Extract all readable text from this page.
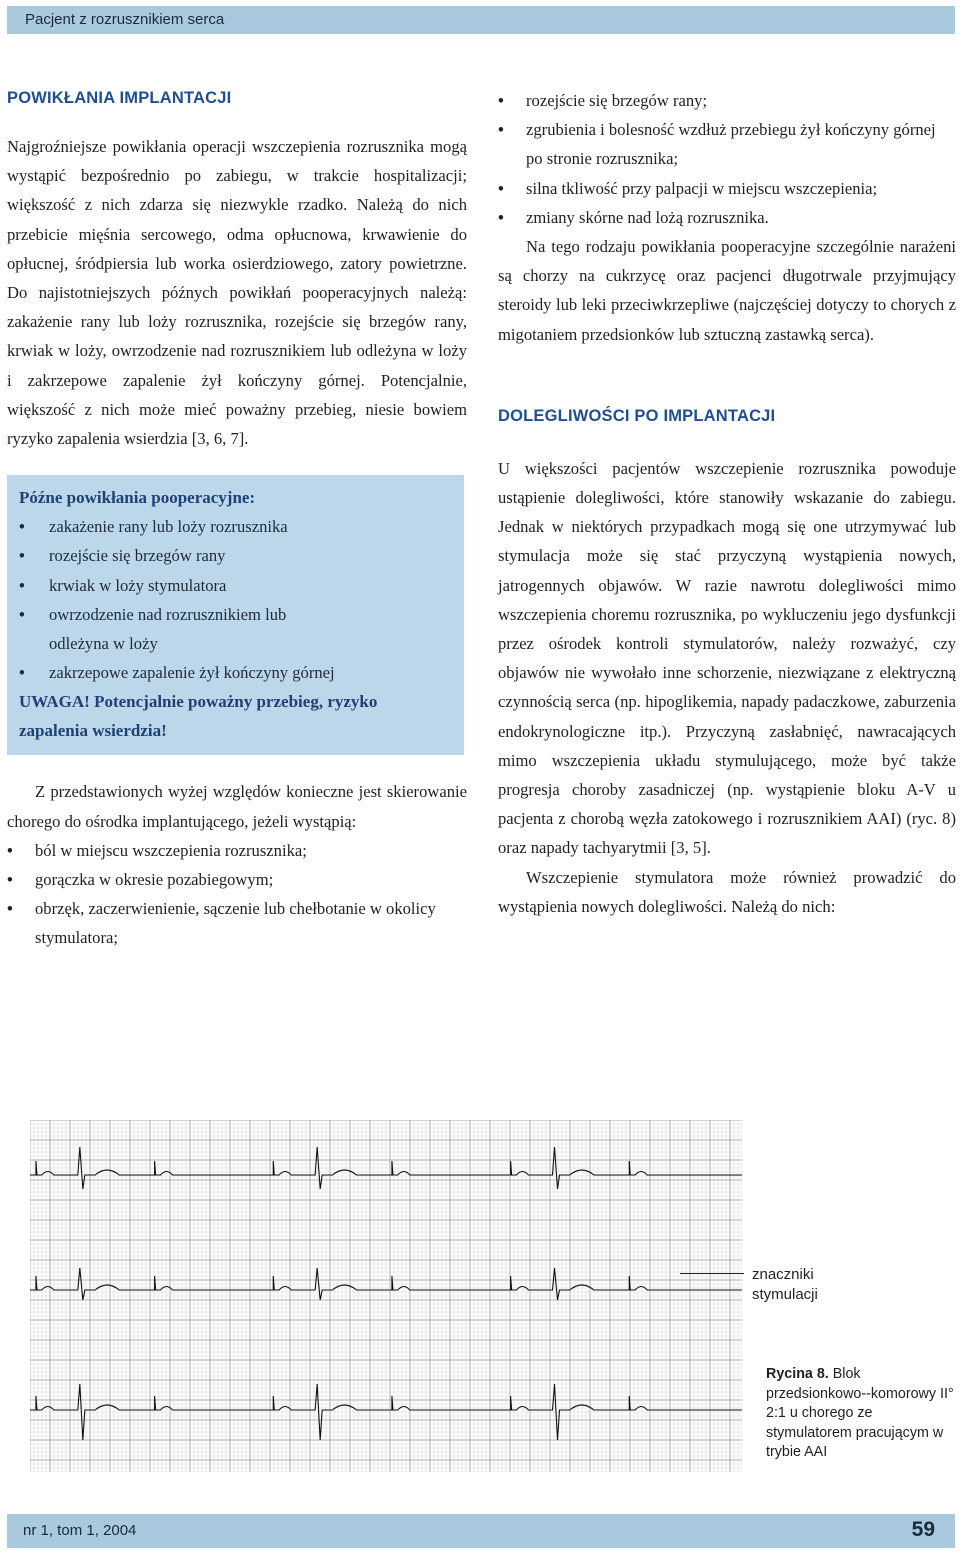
Pacjent z rozrusznikiem serca
POWIKŁANIA IMPLANTACJI

Najgroźniejsze powikłania operacji wszczepienia rozrusznika mogą wystąpić bezpośrednio po zabiegu, w trakcie hospitalizacji; większość z nich zdarza się niezwykle rzadko. Należą do nich przebicie mięśnia sercowego, odma opłucnowa, krwawienie do opłucnej, śródpiersia lub worka osierdziowego, zatory powietrzne. Do najistotniejszych późnych powikłań pooperacyjnych należą: zakażenie rany lub loży rozrusznika, rozejście się brzegów rany, krwiak w loży, owrzodzenie nad rozrusznikiem lub odleżyna w loży i zakrzepowe zapalenie żył kończyny górnej. Potencjalnie, większość z nich może mieć poważny przebieg, niesie bowiem ryzyko zapalenia wsierdzia [3, 6, 7].

Późne powikłania pooperacyjne:
•	zakażenie rany lub loży rozrusznika
•	rozejście się brzegów rany
•	krwiak w loży stymulatora
•	owrzodzenie nad rozrusznikiem lub odleżyna w loży
•	zakrzepowe zapalenie żył kończyny górnej
UWAGA! Potencjalnie poważny przebieg, ryzyko zapalenia wsierdzia!

Z przedstawionych wyżej względów konieczne jest skierowanie chorego do ośrodka implantującego, jeżeli wystąpią:

•	ból w miejscu wszczepienia rozrusznika;
•	gorączka w okresie pozabiegowym;
•	obrzęk, zaczerwienienie, sączenie lub chełbotanie w okolicy stymulatora;
•	rozejście się brzegów rany;
•	zgrubienia i bolesność wzdłuż przebiegu żył kończyny górnej po stronie rozrusznika;
•	silna tkliwość przy palpacji w miejscu wszczepienia;
•	zmiany skórne nad lożą rozrusznika.

Na tego rodzaju powikłania pooperacyjne szczególnie narażeni są chorzy na cukrzycę oraz pacjenci długotrwale przyjmujący steroidy lub leki przeciwkrzepliwe (najczęściej dotyczy to chorych z migotaniem przedsionków lub sztuczną zastawką serca).

DOLEGLIWOŚCI PO IMPLANTACJI

U większości pacjentów wszczepienie rozrusznika powoduje ustąpienie dolegliwości, które stanowiły wskazanie do zabiegu. Jednak w niektórych przypadkach mogą się one utrzymywać lub stymulacja może się stać przyczyną wystąpienia nowych, jatrogennych objawów. W razie nawrotu dolegliwości mimo wszczepienia choremu rozrusznika, po wykluczeniu jego dysfunkcji przez ośrodek kontroli stymulatorów, należy rozważyć, czy objawów nie wywołało inne schorzenie, niezwiązane z elektryczną czynnością serca (np. hipoglikemia, napady padaczkowe, zaburzenia endokrynologiczne itp.). Przyczyną zasłabnięć, nawracających mimo wszczepienia układu stymulującego, może być także progresja choroby zasadniczej (np. wystąpienie bloku A-V u pacjenta z chorobą węzła zatokowego i rozrusznikiem AAI) (ryc. 8) oraz napady tachyarytmii [3, 5].

Wszczepienie stymulatora może również prowadzić do wystąpienia nowych dolegliwości. Należą do nich:

znaczniki stymulacji
Rycina 8. Blok przedsionkowo--komorowy II° 2:1 u chorego ze stymulatorem pracującym w trybie AAI
nr 1, tom 1, 2004	59
